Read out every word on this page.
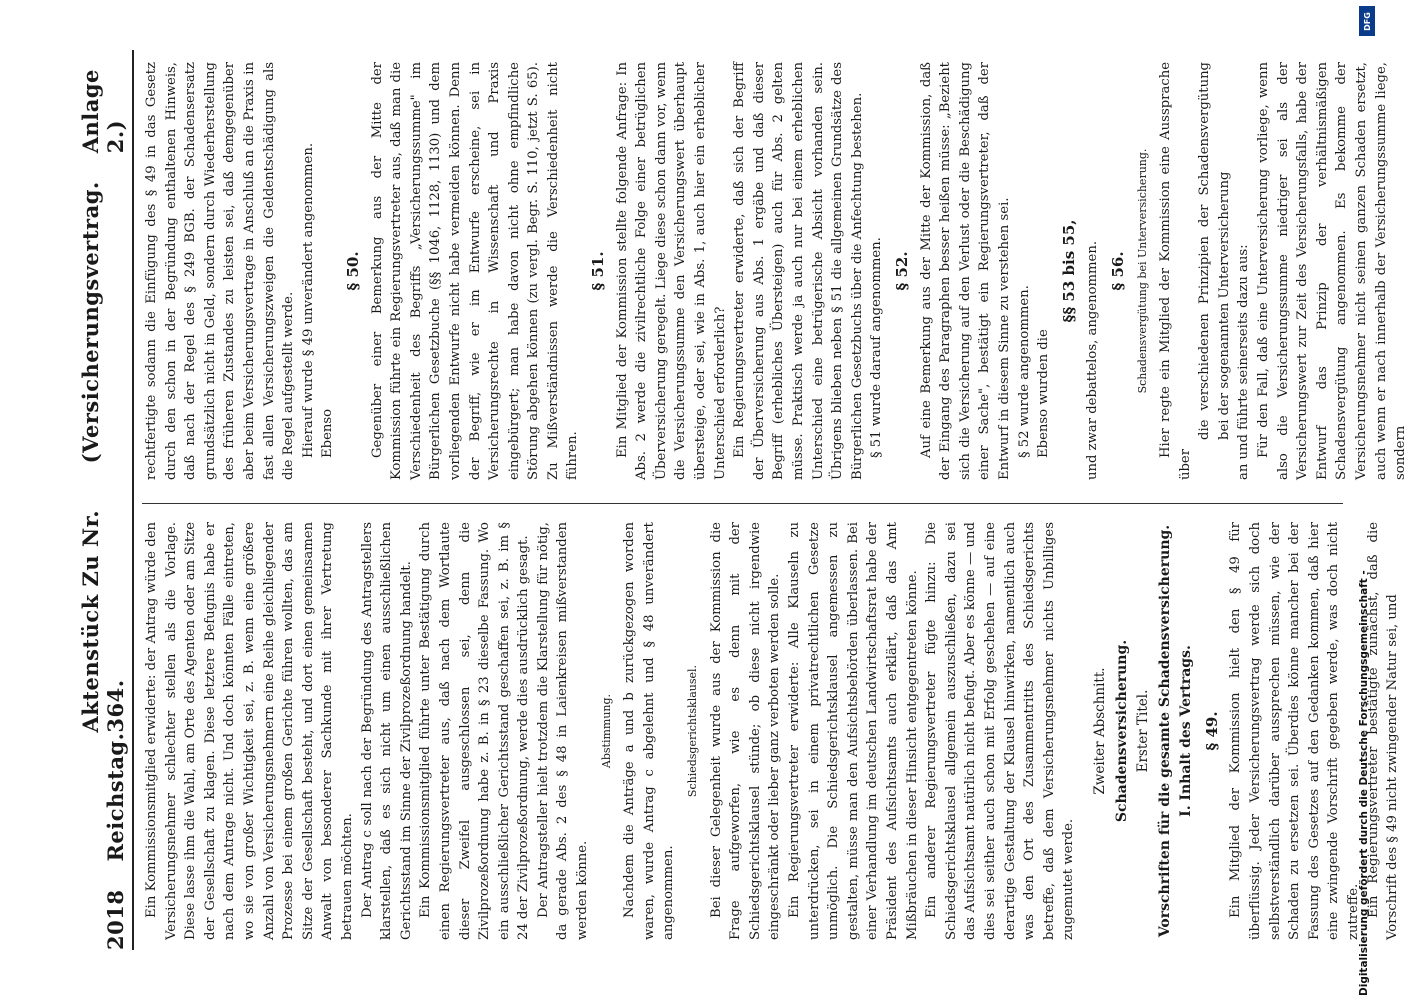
2018
Reichstag.
Aktenstück Zu Nr. 364.
(Versicherungsvertrag.
Anlage 2.)

Ein Kommissionsmitglied erwiderte: der Antrag würde den Versicherungsnehmer schlechter stellen als die Vorlage. Diese lasse ihm die Wahl, am Orte des Agenten oder am Sitze der Gesellschaft zu klagen. Diese letztere Befugnis habe er nach dem Antrage nicht. Und doch könnten Fälle eintreten, wo sie von großer Wichtigkeit sei, z. B. wenn eine größere Anzahl von Versicherungsnehmern eine Reihe gleichliegender Prozesse bei einem großen Gerichte führen wollten, das am Sitze der Gesellschaft besteht, und dort einen gemeinsamen Anwalt von besonderer Sachkunde mit ihrer Vertretung betrauen möchten. Der Antrag c soll nach der Begründung des Antragstellers klarstellen, daß es sich nicht um einen ausschließlichen Gerichtsstand im Sinne der Zivilprozeßordnung handelt. Ein Kommissionsmitglied führte unter Bestätigung durch einen Regierungsvertreter aus, daß nach dem Wortlaute dieser Zweifel ausgeschlossen sei, denn die Zivilprozeßordnung habe z. B. in § 23 dieselbe Fassung. Wo ein ausschließlicher Gerichtsstand geschaffen sei, z. B. im § 24 der Zivilprozeßordnung, werde dies ausdrücklich gesagt. Der Antragsteller hielt trotzdem die Klarstellung für nötig, da gerade Abs. 2 des § 48 in Laienkreisen mißverstanden werden könne.

Abstimmung. Nachdem die Anträge a und b zurückgezogen worden waren, wurde Antrag c abgelehnt und § 48 unverändert angenommen.

Schiedsgerichtsklausel. Bei dieser Gelegenheit wurde aus der Kommission die Frage aufgeworfen, wie es denn mit der Schiedsgerichtsklausel stünde; ob diese nicht irgendwie eingeschränkt oder lieber ganz verboten werden solle. Ein Regierungsvertreter erwiderte: Alle Klauseln zu unterdrücken, sei in einem privatrechtlichen Gesetze unmöglich. Die Schiedsgerichtsklausel angemessen zu gestalten, müsse man den Aufsichtsbehörden überlassen. Bei einer Verhandlung im deutschen Landwirtschaftsrat habe der Präsident des Aufsichtsamts auch erklärt, daß das Amt Mißbräuchen in dieser Hinsicht entgegentreten könne. Ein anderer Regierungsvertreter fügte hinzu: Die Schiedsgerichtsklausel allgemein auszuschließen, dazu sei das Aufsichtsamt natürlich nicht befugt. Aber es könne — und dies sei seither auch schon mit Erfolg geschehen — auf eine derartige Gestaltung der Klausel hinwirken, namentlich auch was den Ort des Zusammentritts des Schiedsgerichts betreffe, daß dem Versicherungsnehmer nichts Unbilliges zugemutet werde.

Zweiter Abschnitt. Schadensversicherung. Erster Titel. Vorschriften für die gesamte Schadensversicherung. I. Inhalt des Vertrags. § 49. Ein Mitglied der Kommission hielt den § 49 für überflüssig. Jeder Versicherungsvertrag werde sich doch selbstverständlich darüber aussprechen müssen, wie der Schaden zu ersetzen sei. Überdies könne mancher bei der Fassung des Gesetzes auf den Gedanken kommen, daß hier eine zwingende Vorschrift gegeben werde, was doch nicht zutreffe. Ein Regierungsvertreter bestätigte zunächst, daß die Vorschrift des § 49 nicht zwingender Natur sei, und

rechtfertigte sodann die Einfügung des § 49 in das Gesetz durch den schon in der Begründung enthaltenen Hinweis, daß nach der Regel des § 249 BGB. der Schadensersatz grundsätzlich nicht in Geld, sondern durch Wiederherstellung des früheren Zustandes zu leisten sei, daß demgegenüber aber beim Versicherungsvertrage in Anschluß an die Praxis in fast allen Versicherungszweigen die Geldentschädigung als die Regel aufgestellt werde. Hierauf wurde § 49 unverändert angenommen. Ebenso

§ 50. Gegenüber einer Bemerkung aus der Mitte der Kommission führte ein Regierungsvertreter aus, daß man die Verschiedenheit des Begriffs „Versicherungssumme" im Bürgerlichen Gesetzbuche (§§ 1046, 1128, 1130) und dem vorliegenden Entwurfe nicht habe vermeiden können. Denn der Begriff, wie er im Entwurfe erscheine, sei in Versicherungsrechte in Wissenschaft und Praxis eingebürgert; man habe davon nicht ohne empfindliche Störung abgehen können (zu vergl. Begr. S. 110, jetzt S. 65). Zu Mißverständnissen werde die Verschiedenheit nicht führen.

§ 51. Ein Mitglied der Kommission stellte folgende Anfrage: In Abs. 2 werde die zivilrechtliche Folge einer betrüglichen Überversicherung geregelt. Liege diese schon dann vor, wenn die Versicherungssumme den Versicherungswert überhaupt übersteige, oder sei, wie in Abs. 1, auch hier ein erheblicher Unterschied erforderlich? Ein Regierungsvertreter erwiderte, daß sich der Begriff der Überversicherung aus Abs. 1 ergäbe und daß dieser Begriff (erhebliches Übersteigen) auch für Abs. 2 gelten müsse. Praktisch werde ja auch nur bei einem erheblichen Unterschied eine betrügerische Absicht vorhanden sein. Übrigens blieben neben § 51 die allgemeinen Grundsätze des Bürgerlichen Gesetzbuchs über die Anfechtung bestehen. § 51 wurde darauf angenommen. § 52. Auf eine Bemerkung aus der Mitte der Kommission, daß der Eingang des Paragraphen besser heißen müsse: „Bezieht sich die Versicherung auf den Verlust oder die Beschädigung einer Sache", bestätigt ein Regierungsvertreter, daß der Entwurf in diesem Sinne zu verstehen sei. § 52 wurde angenommen. Ebenso wurden die

§§ 53 bis 55, und zwar debattelos, angenommen. § 56. Schadensvergütung bei Unterversicherung. Hier regte ein Mitglied der Kommission eine Aussprache über

die verschiedenen Prinzipien der Schadensvergütung bei der sogenannten Unterversicherung an und führte seinerseits dazu aus: Für den Fall, daß eine Unterversicherung vorliege, wenn also die Versicherungssumme niedriger sei als der Versicherungswert zur Zeit des Versicherungsfalls, habe der Entwurf das Prinzip der verhältnismäßigen Schadensvergütung angenommen. Es bekomme der Versicherungsnehmer nicht seinen ganzen Schaden ersetzt, auch wenn er nach innerhalb der Versicherungssumme liege, sondern

DFG
Digitalisierung gefördert durch die Deutsche Forschungsgemeinschaft -
